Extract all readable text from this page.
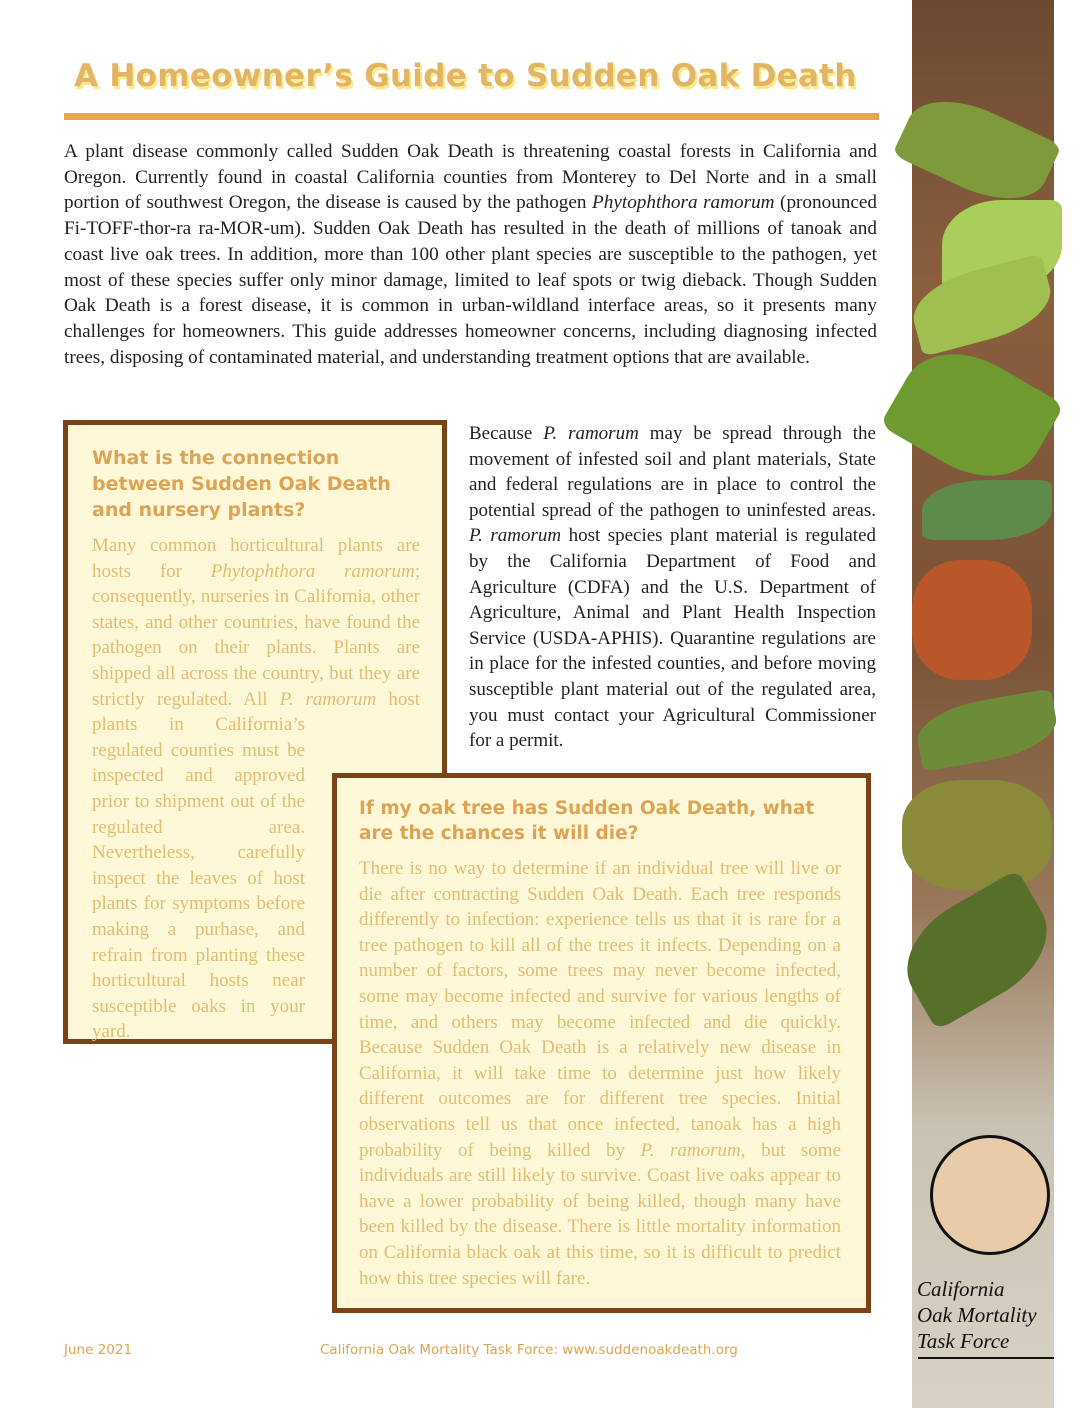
A Homeowner’s Guide to Sudden Oak Death

A plant disease commonly called Sudden Oak Death is threatening coastal forests in California and Oregon. Currently found in coastal California counties from Monterey to Del Norte and in a small portion of southwest Oregon, the disease is caused by the pathogen Phytophthora ramorum (pronounced Fi-TOFF-thor-ra ra-MOR-um). Sudden Oak Death has resulted in the death of millions of tanoak and coast live oak trees. In addition, more than 100 other plant species are susceptible to the pathogen, yet most of these species suffer only minor damage, limited to leaf spots or twig dieback. Though Sudden Oak Death is a forest disease, it is common in urban-wildland interface areas, so it presents many challenges for homeowners. This guide addresses homeowner concerns, including diagnosing infected trees, disposing of contaminated material, and understanding treatment options that are available.

What is the connection between Sudden Oak Death and nursery plants?

Many common horticultural plants are hosts for Phytophthora ramorum; consequently, nurseries in California, other states, and other countries, have found the pathogen on their plants. Plants are shipped all across the country, but they are strictly regulated. All P. ramorum host plants in California’s regulated counties must be inspected and approved prior to shipment out of the regulated area. Nevertheless, carefully inspect the leaves of host plants for symptoms before making a purhase, and refrain from planting these horticultural hosts near susceptible oaks in your yard.

Because P. ramorum may be spread through the movement of infested soil and plant materials, State and federal regulations are in place to control the potential spread of the pathogen to uninfested areas. P. ramorum host species plant material is regulated by the California Department of Food and Agriculture (CDFA) and the U.S. Department of Agriculture, Animal and Plant Health Inspection Service (USDA-APHIS). Quarantine regulations are in place for the infested counties, and before moving susceptible plant material out of the regulated area, you must contact your Agricultural Commissioner for a permit.

If my oak tree has Sudden Oak Death, what are the chances it will die?

There is no way to determine if an individual tree will live or die after contracting Sudden Oak Death. Each tree responds differently to infection: experience tells us that it is rare for a tree pathogen to kill all of the trees it infects. Depending on a number of factors, some trees may never become infected, some may become infected and survive for various lengths of time, and others may become infected and die quickly. Because Sudden Oak Death is a relatively new disease in California, it will take time to determine just how likely different outcomes are for different tree species. Initial observations tell us that once infected, tanoak has a high probability of being killed by P. ramorum, but some individuals are still likely to survive. Coast live oaks appear to have a lower probability of being killed, though many have been killed by the disease. There is little mortality information on California black oak at this time, so it is difficult to predict how this tree species will fare.

June 2021	California Oak Mortality Task Force: www.suddenoakdeath.org
California
Oak Mortality
Task Force
